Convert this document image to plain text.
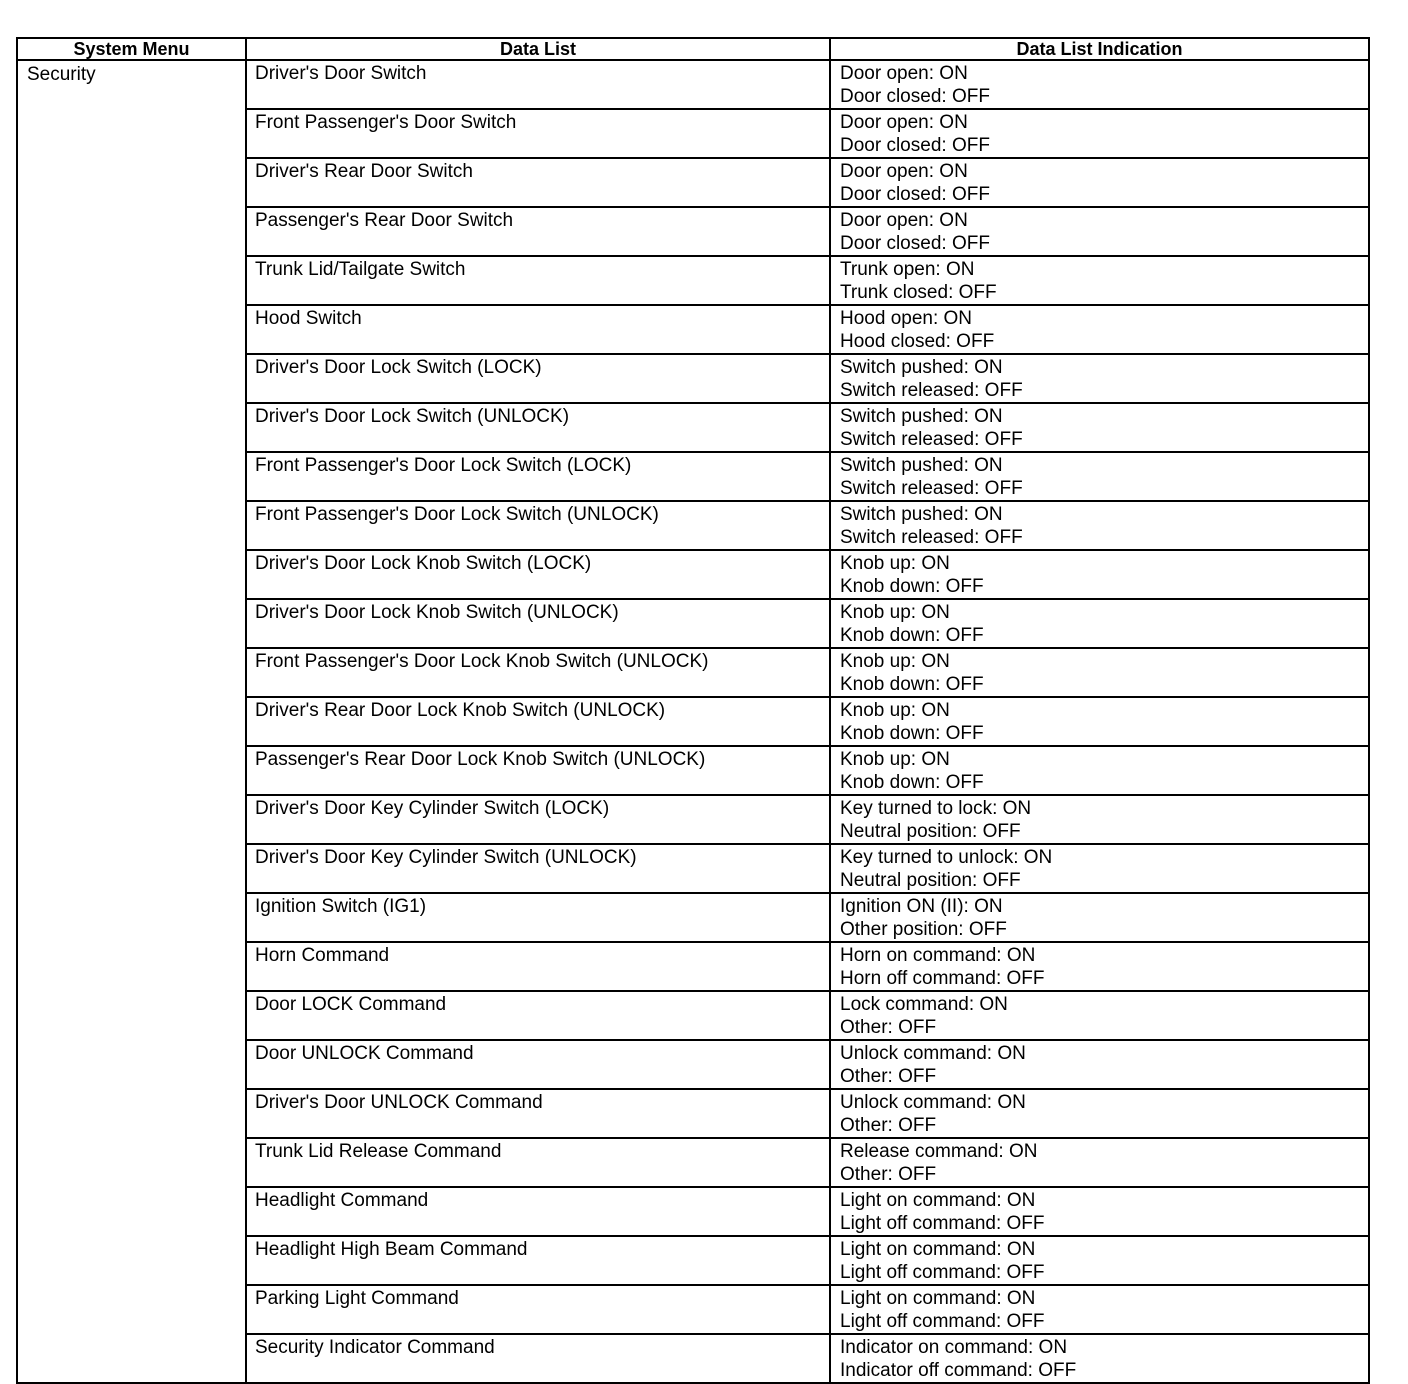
System Menu	Data List	Data List Indication
Security	Driver's Door Switch	Door open: ON
Door closed: OFF

	Front Passenger's Door Switch	Door open: ON
Door closed: OFF

	Driver's Rear Door Switch	Door open: ON
Door closed: OFF

	Passenger's Rear Door Switch	Door open: ON
Door closed: OFF

	Trunk Lid/Tailgate Switch	Trunk open: ON
Trunk closed: OFF

	Hood Switch	Hood open: ON
Hood closed: OFF

	Driver's Door Lock Switch (LOCK)	Switch pushed: ON
Switch released: OFF

	Driver's Door Lock Switch (UNLOCK)	Switch pushed: ON
Switch released: OFF

	Front Passenger's Door Lock Switch (LOCK)	Switch pushed: ON
Switch released: OFF

	Front Passenger's Door Lock Switch (UNLOCK)	Switch pushed: ON
Switch released: OFF

	Driver's Door Lock Knob Switch (LOCK)	Knob up: ON
Knob down: OFF

	Driver's Door Lock Knob Switch (UNLOCK)	Knob up: ON
Knob down: OFF

	Front Passenger's Door Lock Knob Switch (UNLOCK)	Knob up: ON
Knob down: OFF

	Driver's Rear Door Lock Knob Switch (UNLOCK)	Knob up: ON
Knob down: OFF

	Passenger's Rear Door Lock Knob Switch (UNLOCK)	Knob up: ON
Knob down: OFF

	Driver's Door Key Cylinder Switch (LOCK)	Key turned to lock: ON
Neutral position: OFF

	Driver's Door Key Cylinder Switch (UNLOCK)	Key turned to unlock: ON
Neutral position: OFF

	Ignition Switch (IG1)	Ignition ON (II): ON
Other position: OFF

	Horn Command	Horn on command: ON
Horn off command: OFF

	Door LOCK Command	Lock command: ON
Other: OFF

	Door UNLOCK Command	Unlock command: ON
Other: OFF

	Driver's Door UNLOCK Command	Unlock command: ON
Other: OFF

	Trunk Lid Release Command	Release command: ON
Other: OFF

	Headlight Command	Light on command: ON
Light off command: OFF

	Headlight High Beam Command	Light on command: ON
Light off command: OFF

	Parking Light Command	Light on command: ON
Light off command: OFF

	Security Indicator Command	Indicator on command: ON
Indicator off command: OFF
